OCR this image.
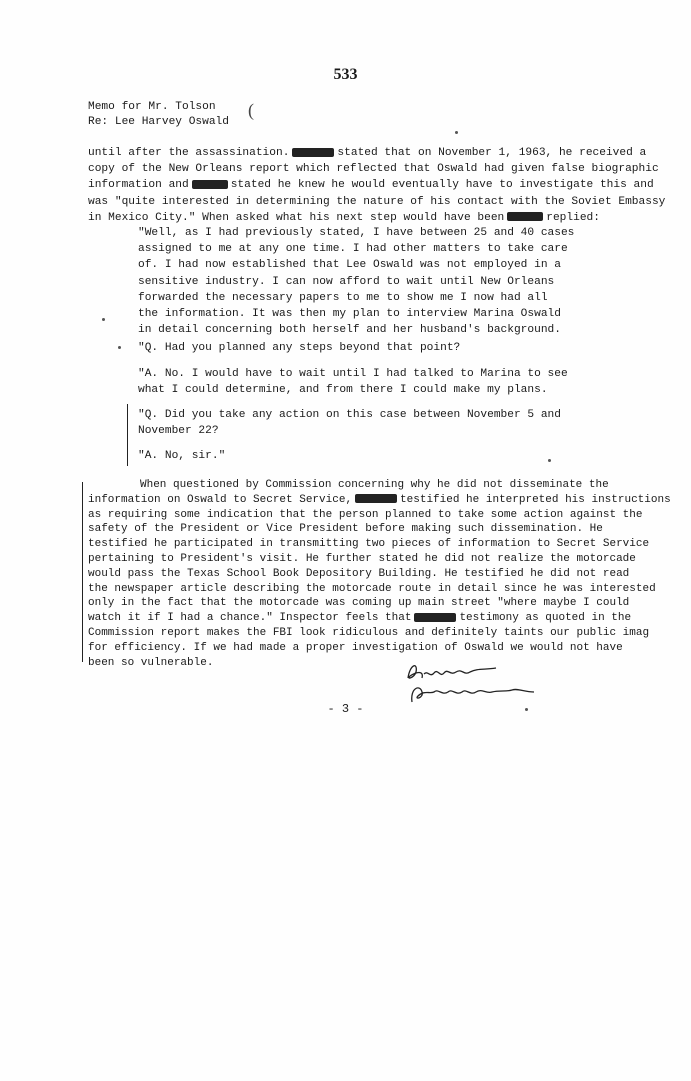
533
Memo for Mr. Tolson
Re: Lee Harvey Oswald
(
until after the assassination.	stated that on November 1, 1963, he received a
copy of the New Orleans report which reflected that Oswald had given false biographic
information and	stated he knew he would eventually have to investigate this and
was "quite interested in determining the nature of his contact with the Soviet Embassy
in Mexico City." When asked what his next step would have been	replied:
"Well, as I had previously stated, I have between 25 and 40 cases
assigned to me at any one time. I had other matters to take care
of. I had now established that Lee Oswald was not employed in a
sensitive industry. I can now afford to wait until New Orleans
forwarded the necessary papers to me to show me I now had all
the information. It was then my plan to interview Marina Oswald
in detail concerning both herself and her husband's background.
"Q. Had you planned any steps beyond that point?
"A. No. I would have to wait until I had talked to Marina to see
what I could determine, and from there I could make my plans.
"Q. Did you take any action on this case between November 5 and
November 22?
"A. No, sir."
When questioned by Commission concerning why he did not disseminate the
information on Oswald to Secret Service,	testified he interpreted his instructions
as requiring some indication that the person planned to take some action against the
safety of the President or Vice President before making such dissemination. He
testified he participated in transmitting two pieces of information to Secret Service
pertaining to President's visit. He further stated he did not realize the motorcade
would pass the Texas School Book Depository Building. He testified he did not read
the newspaper article describing the motorcade route in detail since he was interested
only in the fact that the motorcade was coming up main street "where maybe I could
watch it if I had a chance." Inspector feels that	testimony as quoted in the
Commission report makes the FBI look ridiculous and definitely taints our public imag
for efficiency. If we had made a proper investigation of Oswald we would not have
been so vulnerable.	Bureau
- 3 -
